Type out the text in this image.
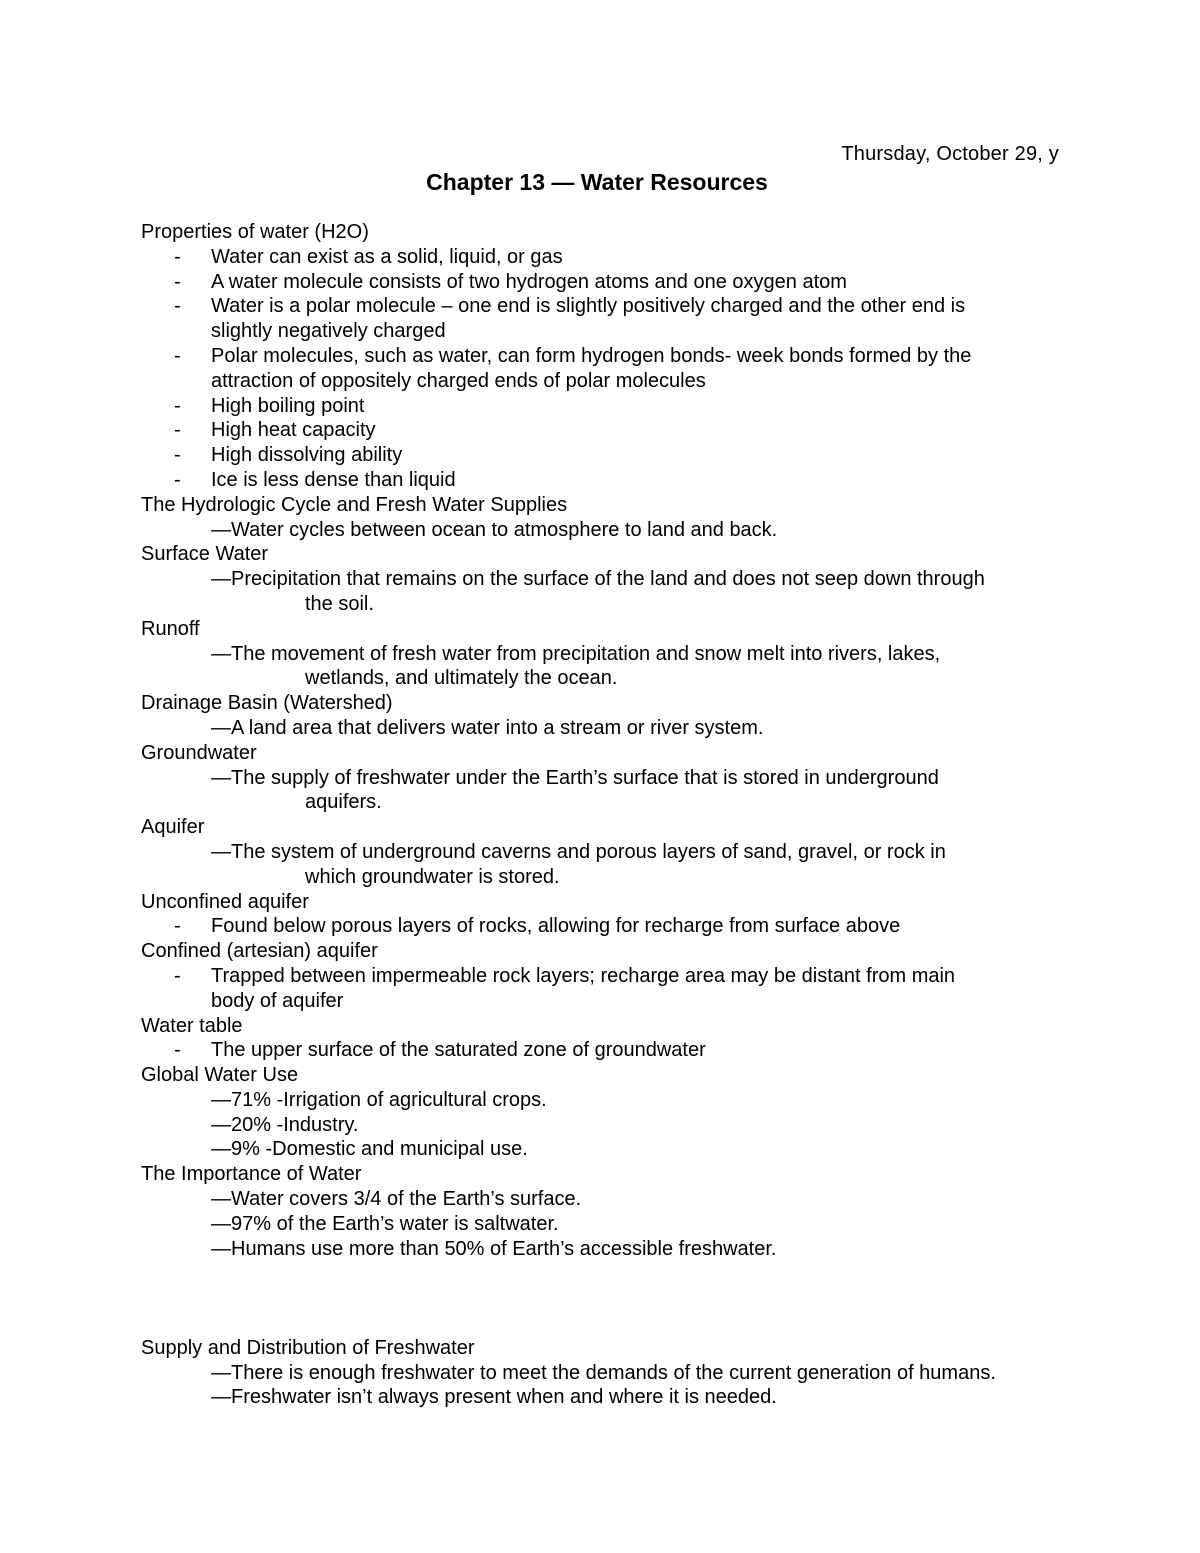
Thursday, October 29, y
Chapter 13 — Water Resources
Properties of water (H2O)
- Water can exist as a solid, liquid, or gas
- A water molecule consists of two hydrogen atoms and one oxygen atom
- Water is a polar molecule – one end is slightly positively charged and the other end is
slightly negatively charged
- Polar molecules, such as water, can form hydrogen bonds- week bonds formed by the
attraction of oppositely charged ends of polar molecules
- High boiling point
- High heat capacity
- High dissolving ability
- Ice is less dense than liquid
The Hydrologic Cycle and Fresh Water Supplies
—Water cycles between ocean to atmosphere to land and back.
Surface Water
—Precipitation that remains on the surface of the land and does not seep down through
the soil.
Runoff
—The movement of fresh water from precipitation and snow melt into rivers, lakes,
wetlands, and ultimately the ocean.
Drainage Basin (Watershed)
—A land area that delivers water into a stream or river system.
Groundwater
—The supply of freshwater under the Earth’s surface that is stored in underground
aquifers.
Aquifer
—The system of underground caverns and porous layers of sand, gravel, or rock in
which groundwater is stored.
Unconfined aquifer
- Found below porous layers of rocks, allowing for recharge from surface above
Confined (artesian) aquifer
- Trapped between impermeable rock layers; recharge area may be distant from main
body of aquifer
Water table
- The upper surface of the saturated zone of groundwater
Global Water Use
—71% -Irrigation of agricultural crops.
—20% -Industry.
—9% -Domestic and municipal use.
The Importance of Water
—Water covers 3/4 of the Earth’s surface.
—97% of the Earth’s water is saltwater.
—Humans use more than 50% of Earth’s accessible freshwater.
Supply and Distribution of Freshwater
—There is enough freshwater to meet the demands of the current generation of humans.
—Freshwater isn’t always present when and where it is needed.
